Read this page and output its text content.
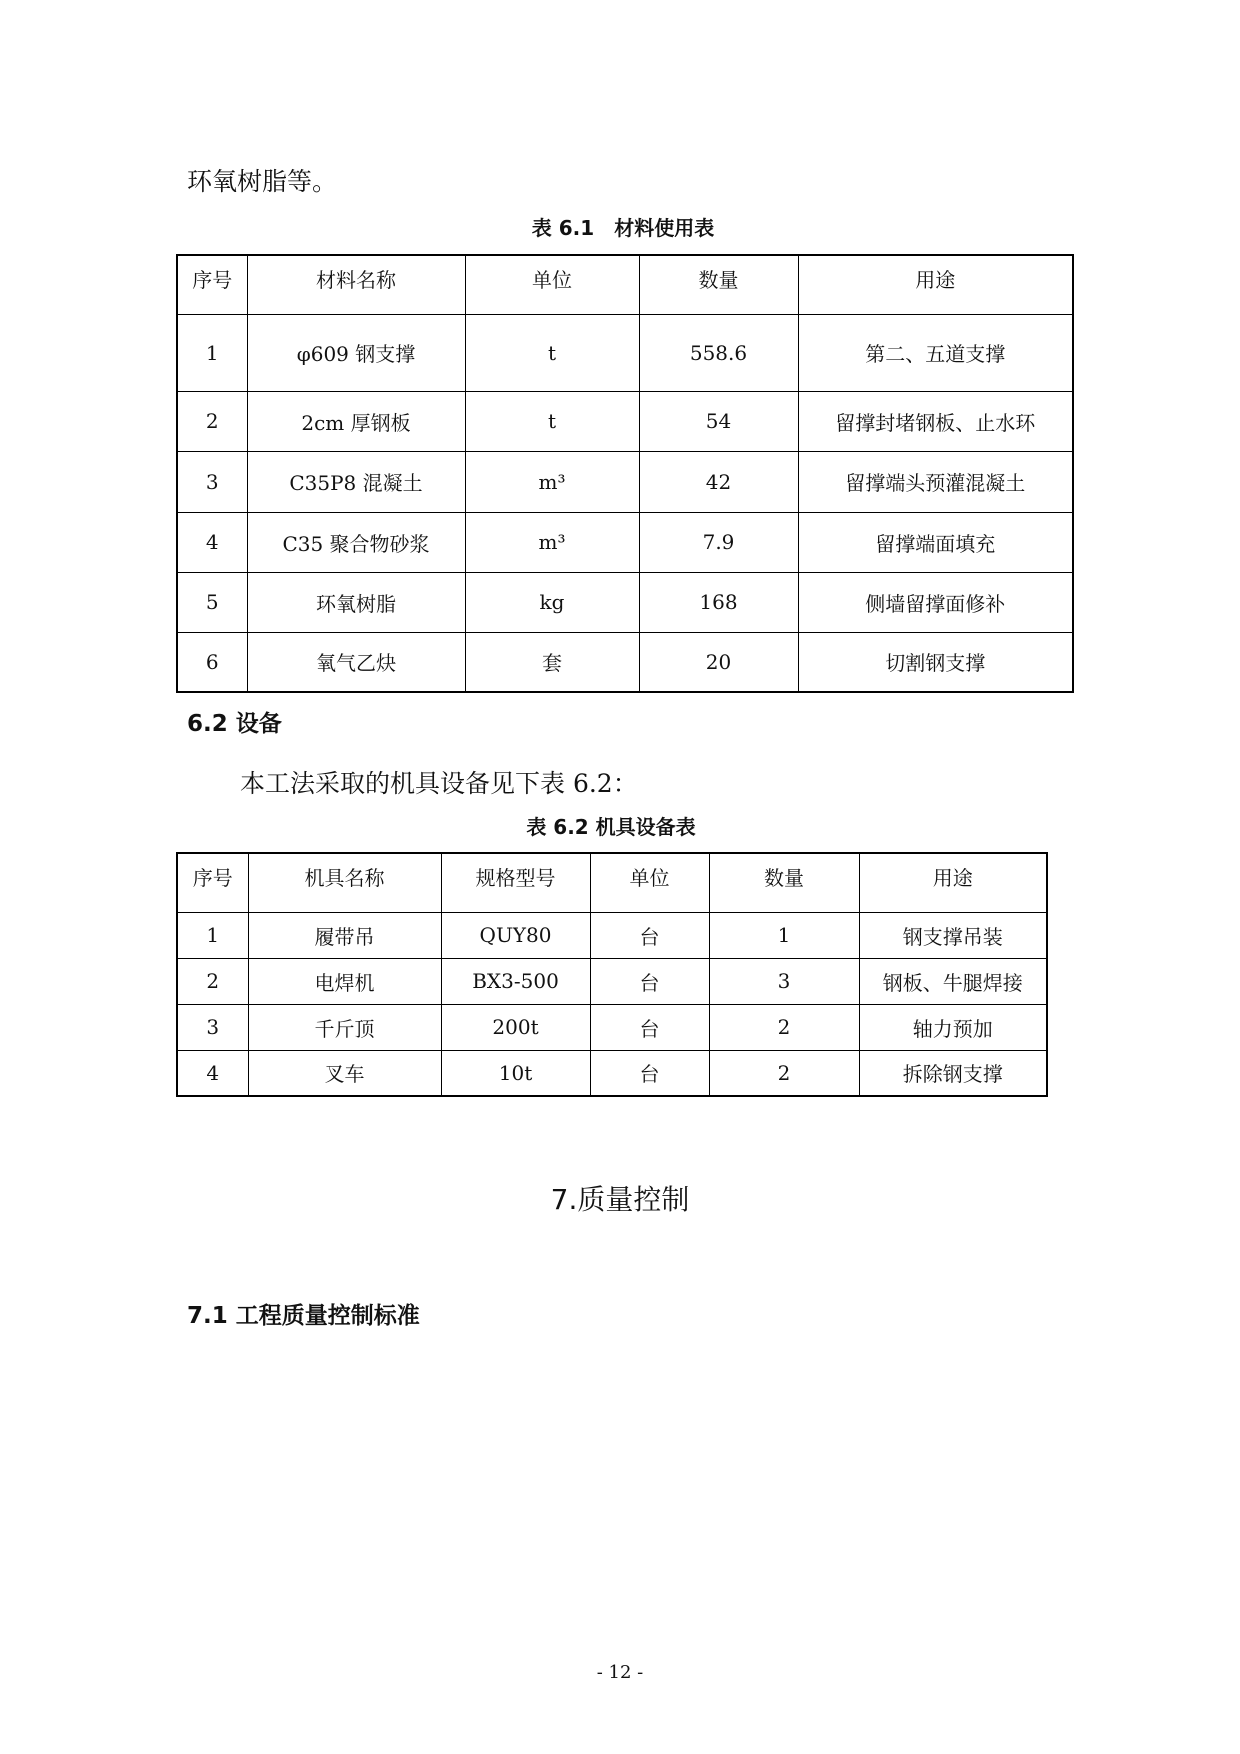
环氧树脂等。
表 6.1　材料使用表
序号	材料名称	单位	数量	用途
1	φ609 钢支撑	t	558.6	第二、五道支撑
2	2cm 厚钢板	t	54	留撑封堵钢板、止水环
3	C35P8 混凝土	m³	42	留撑端头预灌混凝土
4	C35 聚合物砂浆	m³	7.9	留撑端面填充
5	环氧树脂	kg	168	侧墙留撑面修补
6	氧气乙炔	套	20	切割钢支撑
6.2 设备
本工法采取的机具设备见下表 6.2：
表 6.2 机具设备表
序号	机具名称	规格型号	单位	数量	用途
1	履带吊	QUY80	台	1	钢支撑吊装
2	电焊机	BX3-500	台	3	钢板、牛腿焊接
3	千斤顶	200t	台	2	轴力预加
4	叉车	10t	台	2	拆除钢支撑
7.质量控制
7.1 工程质量控制标准
- 12 -
